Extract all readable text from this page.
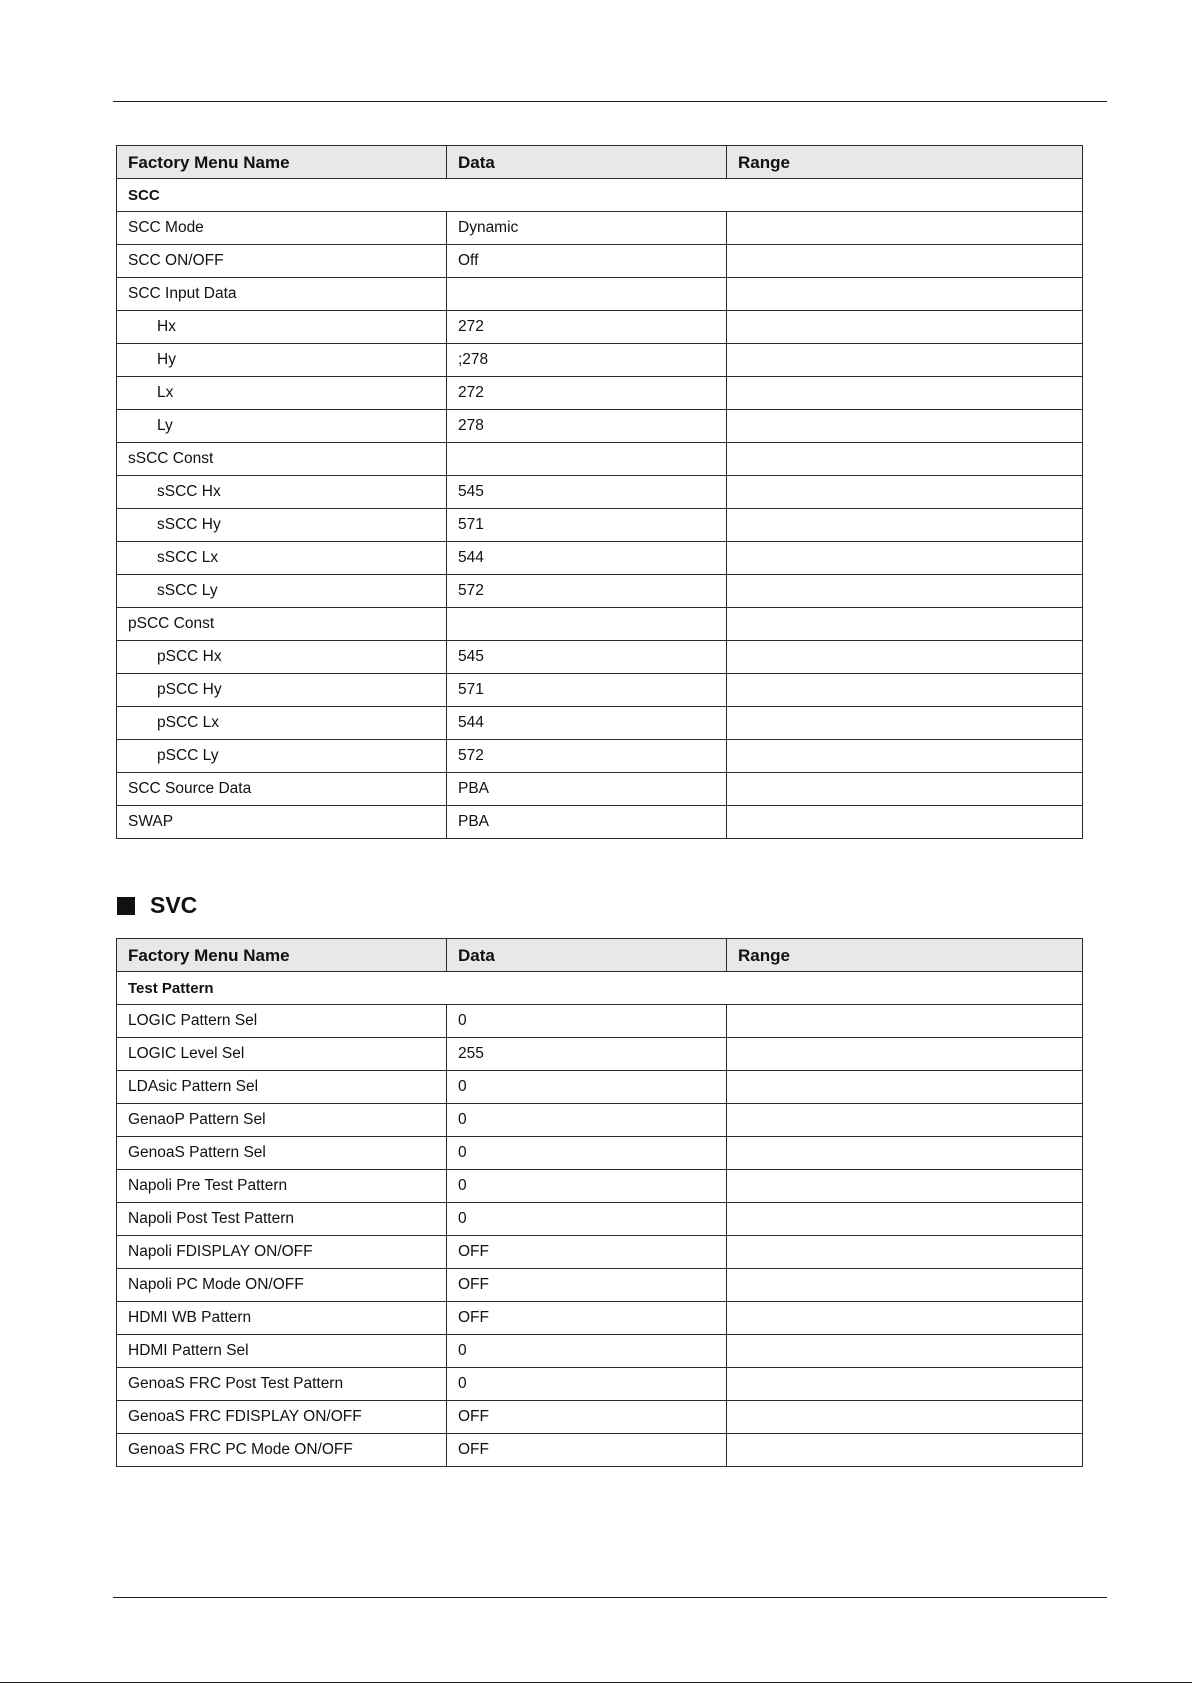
Factory Menu Name	Data	Range
SCC		
SCC Mode	Dynamic	
SCC ON/OFF	Off	
SCC Input Data		
Hx	272	
Hy	;278	
Lx	272	
Ly	278	
sSCC Const		
sSCC Hx	545	
sSCC Hy	571	
sSCC Lx	544	
sSCC Ly	572	
pSCC Const		
pSCC Hx	545	
pSCC Hy	571	
pSCC Lx	544	
pSCC Ly	572	
SCC Source Data	PBA	
SWAP	PBA	
SVC
Factory Menu Name	Data	Range
Test Pattern		
LOGIC Pattern Sel	0	
LOGIC Level Sel	255	
LDAsic Pattern Sel	0	
GenaoP Pattern Sel	0	
GenoaS Pattern Sel	0	
Napoli Pre Test Pattern	0	
Napoli Post Test Pattern	0	
Napoli FDISPLAY ON/OFF	OFF	
Napoli PC Mode ON/OFF	OFF	
HDMI WB Pattern	OFF	
HDMI Pattern Sel	0	
GenoaS FRC Post Test Pattern	0	
GenoaS FRC FDISPLAY ON/OFF	OFF	
GenoaS FRC PC Mode ON/OFF	OFF	
